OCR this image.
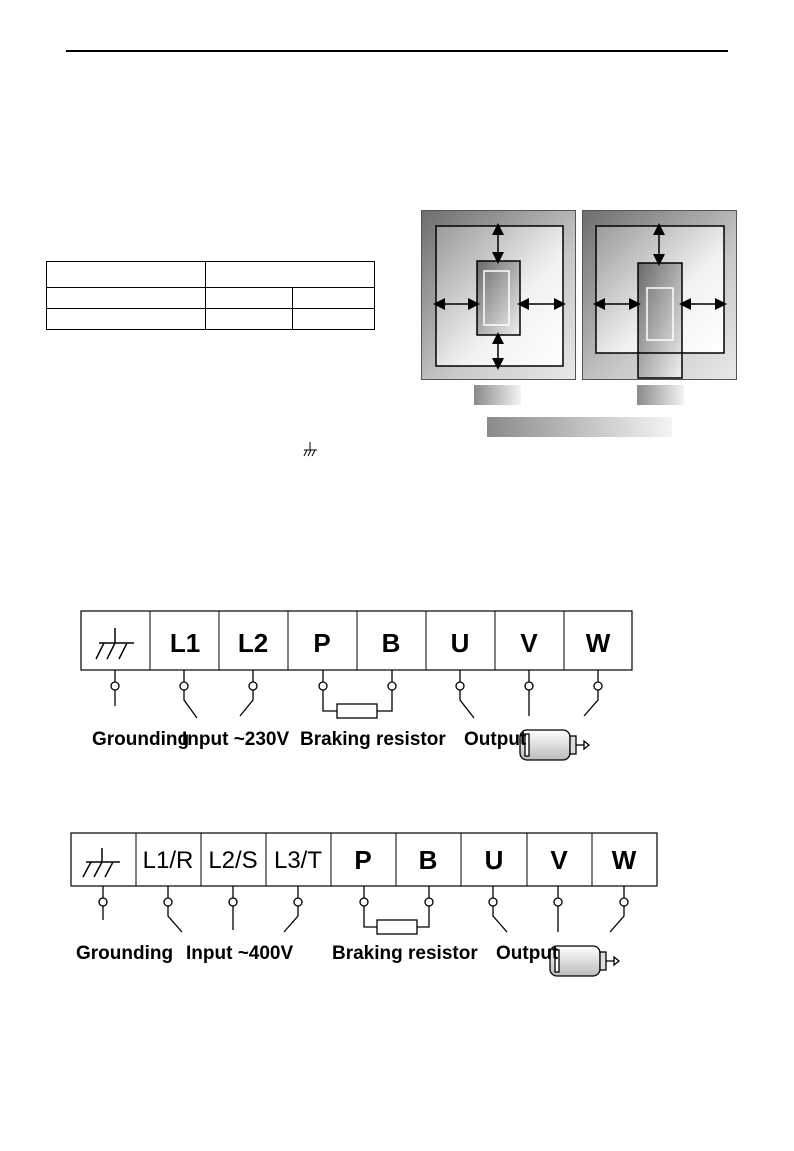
L1 L2 P B U V W
Grounding
Input ~230V Braking resistor Output
L1/R L2/S L3/T P B U V W
Grounding Input ~400V Braking resistor Output
